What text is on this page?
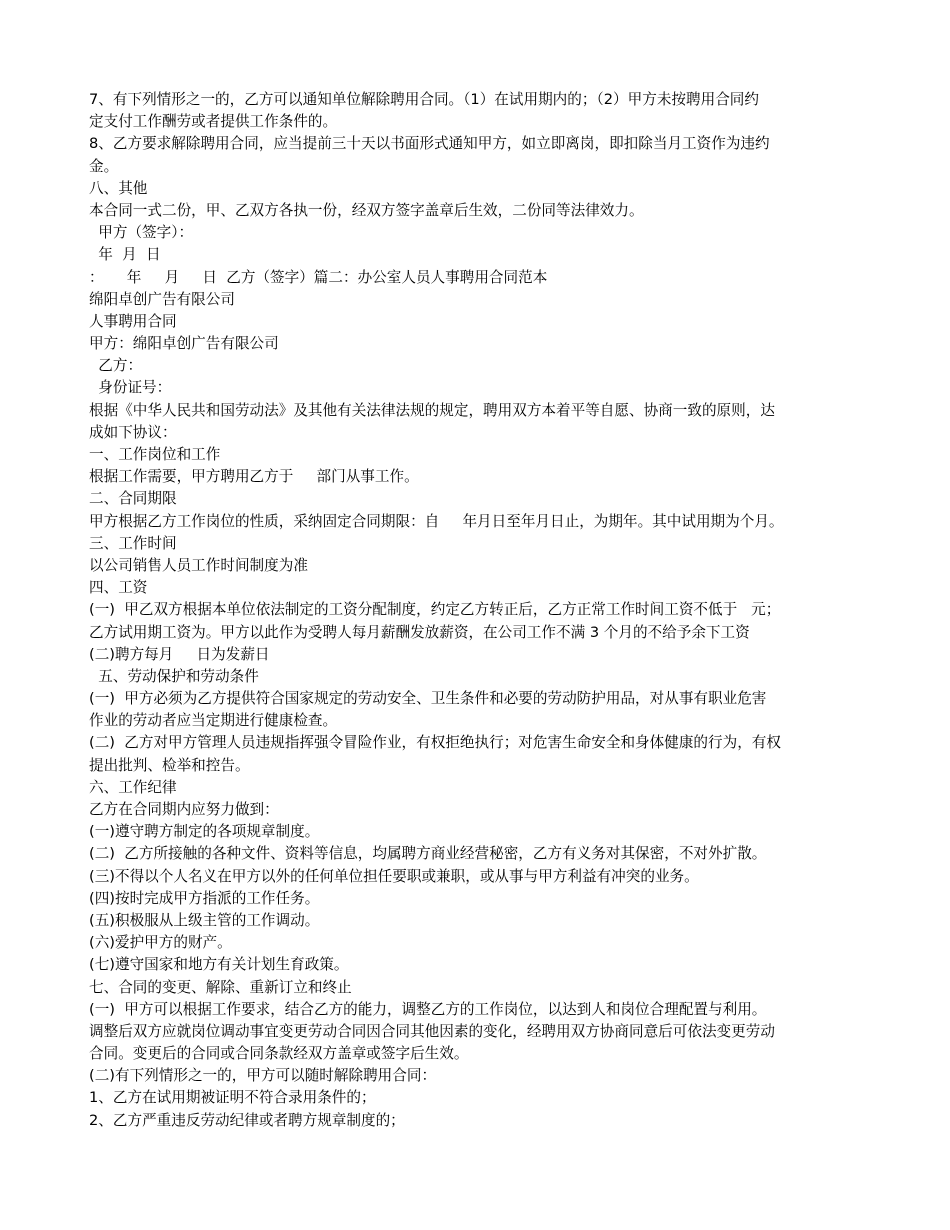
7、有下列情形之一的，乙方可以通知单位解除聘用合同。（1）在试用期内的；（2）甲方未按聘用合同约
定支付工作酬劳或者提供工作条件的。
8、乙方要求解除聘用合同，应当提前三十天以书面形式通知甲方，如立即离岗，即扣除当月工资作为违约
金。
八、其他
本合同一式二份，甲、乙双方各执一份，经双方签字盖章后生效，二份同等法律效力。
甲方（签字）：
年  月  日
：     年     月     日  乙方（签字）篇二：办公室人员人事聘用合同范本
绵阳卓创广告有限公司
人事聘用合同
甲方：绵阳卓创广告有限公司
乙方：
身份证号：
根据《中华人民共和国劳动法》及其他有关法律法规的规定，聘用双方本着平等自愿、协商一致的原则，达
成如下协议：
一、工作岗位和工作
根据工作需要，甲方聘用乙方于     部门从事工作。
二、合同期限
甲方根据乙方工作岗位的性质，采纳固定合同期限：自     年月日至年月日止，为期年。其中试用期为个月。
三、工作时间
以公司销售人员工作时间制度为准
四、工资
(一)  甲乙双方根据本单位依法制定的工资分配制度，约定乙方转正后，乙方正常工作时间工资不低于   元；
乙方试用期工资为。甲方以此作为受聘人每月薪酬发放薪资，在公司工作不满 3 个月的不给予余下工资
(二)聘方每月     日为发薪日
五、劳动保护和劳动条件
(一)  甲方必须为乙方提供符合国家规定的劳动安全、卫生条件和必要的劳动防护用品，对从事有职业危害
作业的劳动者应当定期进行健康检查。
(二)  乙方对甲方管理人员违规指挥强令冒险作业，有权拒绝执行；对危害生命安全和身体健康的行为，有权
提出批判、检举和控告。
六、工作纪律
乙方在合同期内应努力做到：
(一)遵守聘方制定的各项规章制度。
(二)  乙方所接触的各种文件、资料等信息，均属聘方商业经营秘密，乙方有义务对其保密，不对外扩散。
(三)不得以个人名义在甲方以外的任何单位担任要职或兼职，或从事与甲方利益有冲突的业务。
(四)按时完成甲方指派的工作任务。
(五)积极服从上级主管的工作调动。
(六)爱护甲方的财产。
(七)遵守国家和地方有关计划生育政策。
七、合同的变更、解除、重新订立和终止
(一)  甲方可以根据工作要求，结合乙方的能力，调整乙方的工作岗位，以达到人和岗位合理配置与利用。
调整后双方应就岗位调动事宜变更劳动合同因合同其他因素的变化，经聘用双方协商同意后可依法变更劳动
合同。变更后的合同或合同条款经双方盖章或签字后生效。
(二)有下列情形之一的，甲方可以随时解除聘用合同：
1、乙方在试用期被证明不符合录用条件的；
2、乙方严重违反劳动纪律或者聘方规章制度的；
